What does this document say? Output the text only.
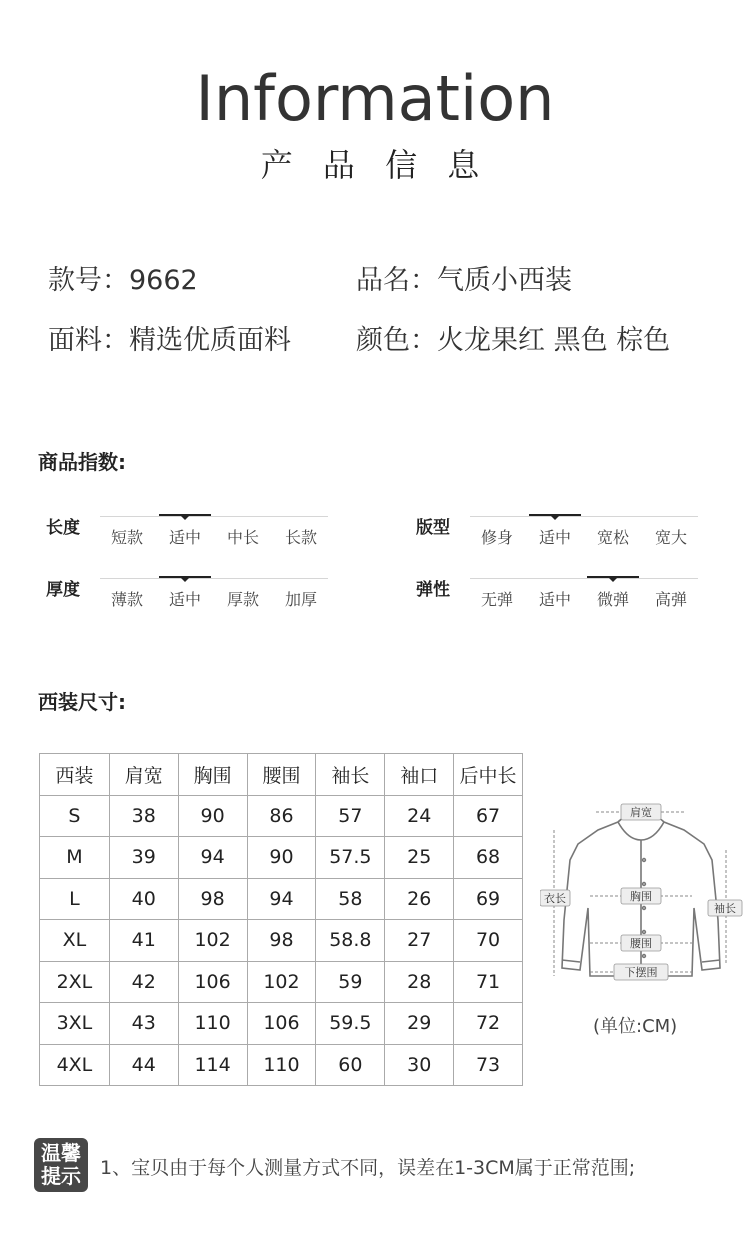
Information
产 品 信 息
款号：9662	品名：气质小西装
面料：精选优质面料 颜色：火龙果红 黑色 棕色
商品指数:
长度	短款	适中	中长	长款	版型	修身	适中	宽松	宽大
厚度	薄款	适中	厚款	加厚	弹性	无弹	适中	微弹	高弹
西装尺寸:
西装	肩宽	胸围	腰围	袖长	袖口	后中长
S	38	90	86	57	24	67
M	39	94	90	57.5	25	68
L	40	98	94	58	26	69
XL	41	102	98	58.8	27	70
2XL	42	106	102	59	28	71
3XL	43	110	106	59.5	29	72
4XL	44	114	110	60	30	73
肩宽
胸围
腰围
下摆围
衣长
袖长
(单位:CM)
温馨
提示	1、宝贝由于每个人测量方式不同，误差在1-3CM属于正常范围;
